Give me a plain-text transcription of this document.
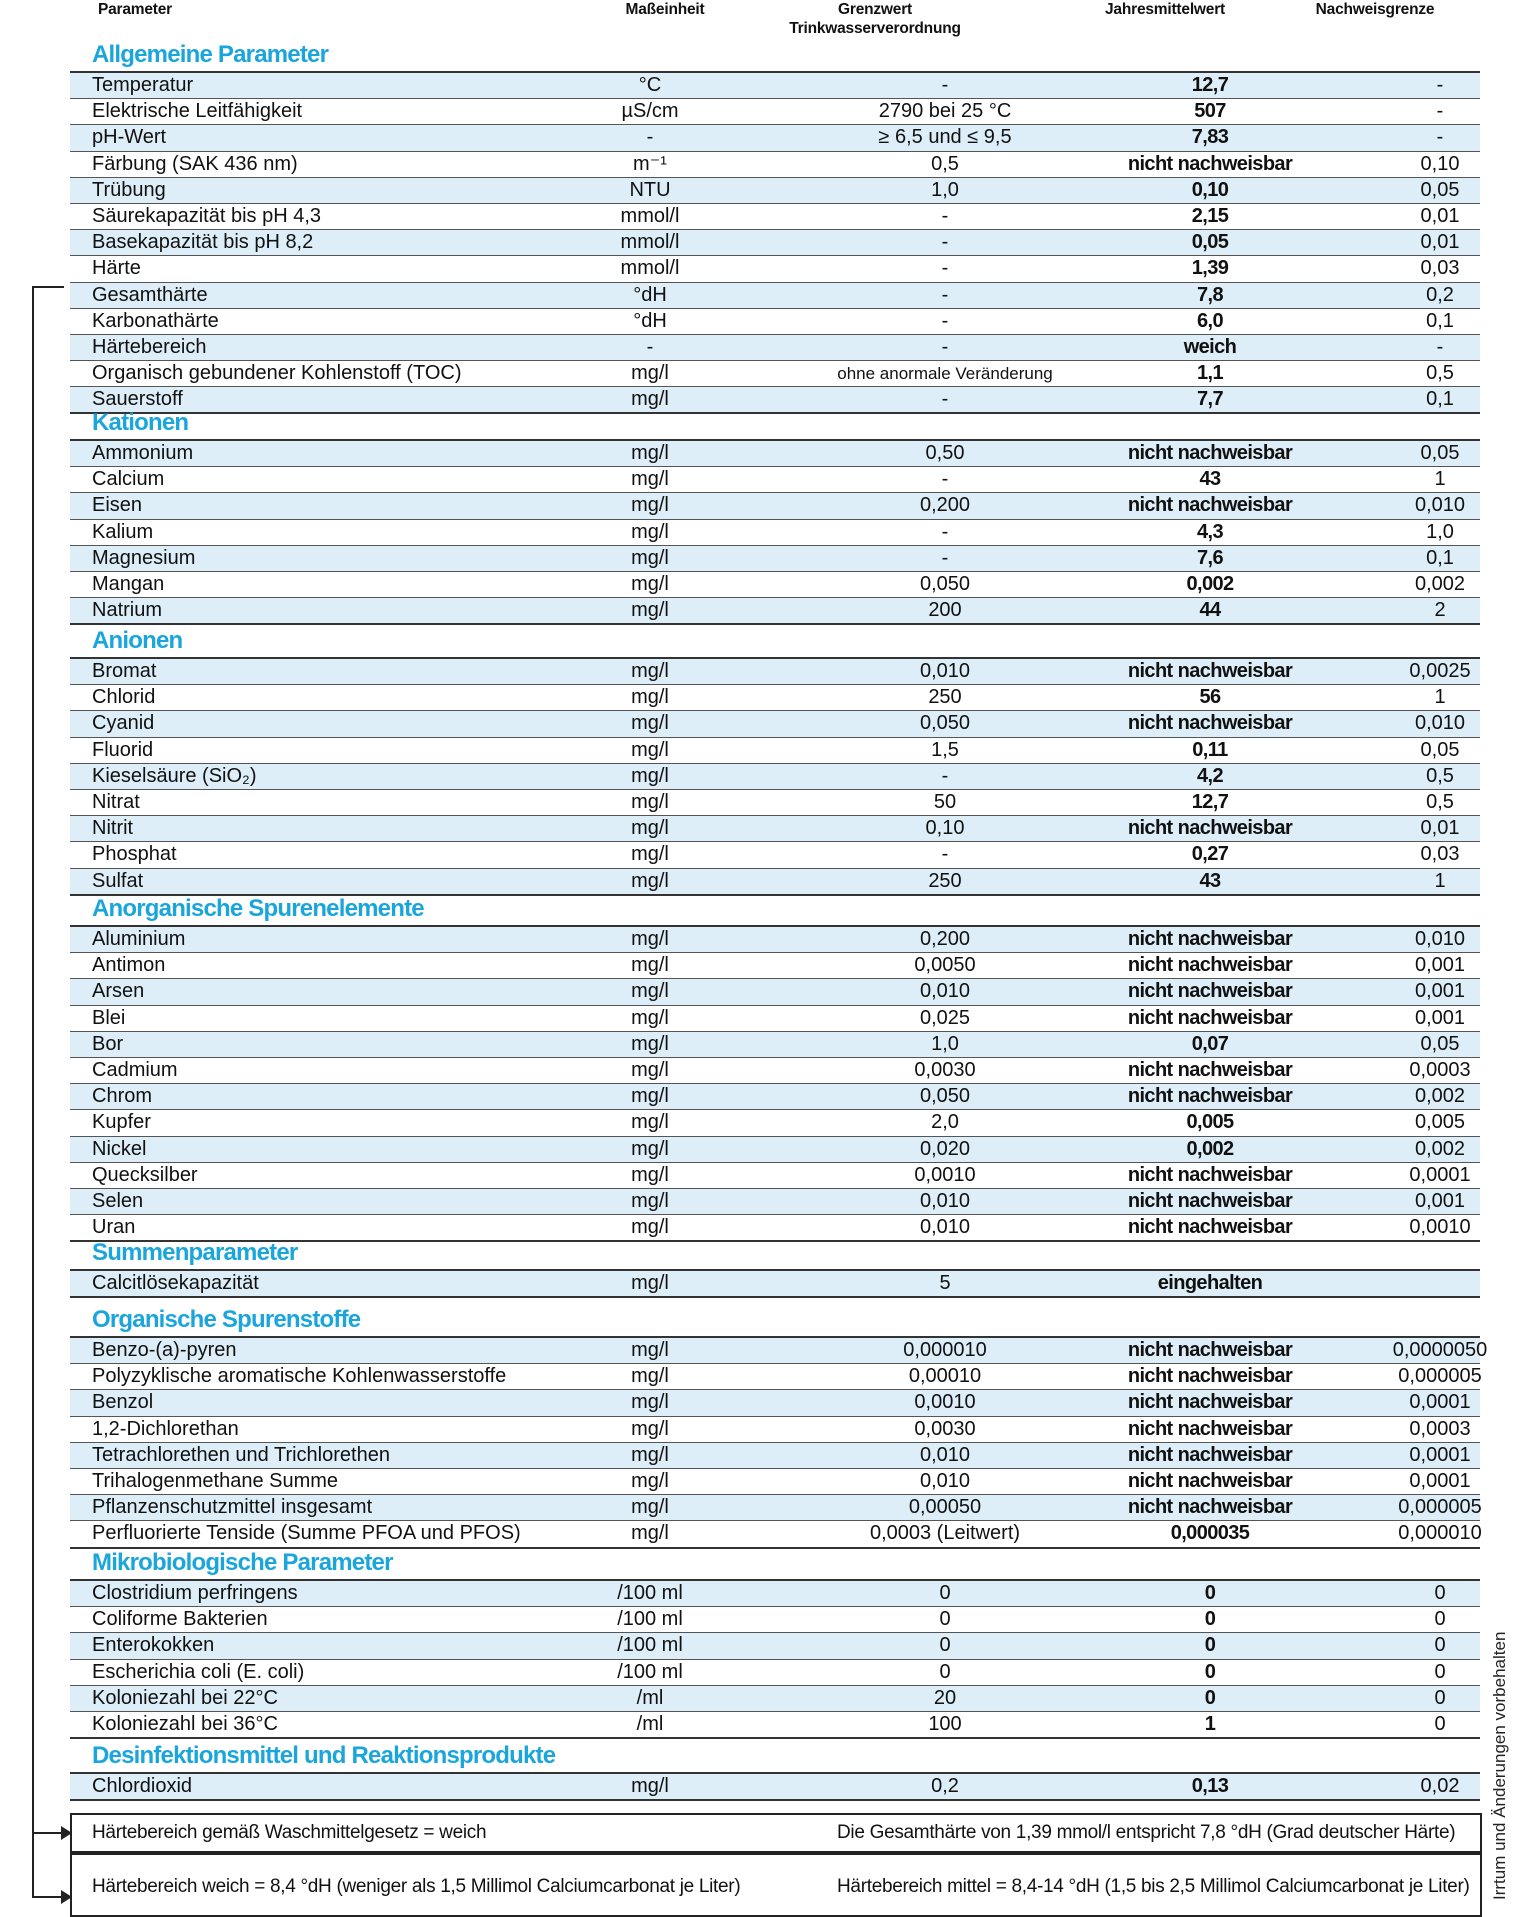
Parameter	Maßeinheit	Grenzwert
Trinkwasserverordnung
Jahresmittelwert	Nachweisgrenze
Allgemeine Parameter
Temperatur	°C	-	12,7	-
Elektrische Leitfähigkeit	µS/cm	2790 bei 25 °C	507	-
pH-Wert	-	≥ 6,5 und ≤ 9,5	7,83	-
Färbung (SAK 436 nm)	m⁻¹	0,5	nicht nachweisbar	0,10
Trübung	NTU	1,0	0,10	0,05
Säurekapazität bis pH 4,3	mmol/l	-	2,15	0,01
Basekapazität bis pH 8,2	mmol/l	-	0,05	0,01
Härte	mmol/l	-	1,39	0,03
Gesamthärte	°dH	-	7,8	0,2
Karbonathärte	°dH	-	6,0	0,1
Härtebereich	-	-	weich	-
Organisch gebundener Kohlenstoff (TOC)	mg/l	ohne anormale Veränderung	1,1	0,5
Sauerstoff	mg/l	-	7,7	0,1
Kationen
Ammonium	mg/l	0,50	nicht nachweisbar	0,05
Calcium	mg/l	-	43	1
Eisen	mg/l	0,200	nicht nachweisbar	0,010
Kalium	mg/l	-	4,3	1,0
Magnesium	mg/l	-	7,6	0,1
Mangan	mg/l	0,050	0,002	0,002
Natrium	mg/l	200	44	2
Anionen
Bromat	mg/l	0,010	nicht nachweisbar	0,0025
Chlorid	mg/l	250	56	1
Cyanid	mg/l	0,050	nicht nachweisbar	0,010
Fluorid	mg/l	1,5	0,11	0,05
Kieselsäure (SiO₂)	mg/l	-	4,2	0,5
Nitrat	mg/l	50	12,7	0,5
Nitrit	mg/l	0,10	nicht nachweisbar	0,01
Phosphat	mg/l	-	0,27	0,03
Sulfat	mg/l	250	43	1
Anorganische Spurenelemente
Aluminium	mg/l	0,200	nicht nachweisbar	0,010
Antimon	mg/l	0,0050	nicht nachweisbar	0,001
Arsen	mg/l	0,010	nicht nachweisbar	0,001
Blei	mg/l	0,025	nicht nachweisbar	0,001
Bor	mg/l	1,0	0,07	0,05
Cadmium	mg/l	0,0030	nicht nachweisbar	0,0003
Chrom	mg/l	0,050	nicht nachweisbar	0,002
Kupfer	mg/l	2,0	0,005	0,005
Nickel	mg/l	0,020	0,002	0,002
Quecksilber	mg/l	0,0010	nicht nachweisbar	0,0001
Selen	mg/l	0,010	nicht nachweisbar	0,001
Uran	mg/l	0,010	nicht nachweisbar	0,0010
Summenparameter
Calcitlösekapazität	mg/l	5	eingehalten
Organische Spurenstoffe
Benzo-(a)-pyren	mg/l	0,000010	nicht nachweisbar	0,0000050
Polyzyklische aromatische Kohlenwasserstoffe	mg/l	0,00010	nicht nachweisbar	0,000005
Benzol	mg/l	0,0010	nicht nachweisbar	0,0001
1,2-Dichlorethan	mg/l	0,0030	nicht nachweisbar	0,0003
Tetrachlorethen und Trichlorethen	mg/l	0,010	nicht nachweisbar	0,0001
Trihalogenmethane Summe	mg/l	0,010	nicht nachweisbar	0,0001
Pflanzenschutzmittel insgesamt	mg/l	0,00050	nicht nachweisbar	0,000005
Perfluorierte Tenside (Summe PFOA und PFOS)	mg/l	0,0003 (Leitwert)	0,000035	0,000010
Mikrobiologische Parameter
Clostridium perfringens	/100 ml	0	0	0
Coliforme Bakterien	/100 ml	0	0	0
Enterokokken	/100 ml	0	0	0
Escherichia coli (E. coli)	/100 ml	0	0	0
Koloniezahl bei 22°C	/ml	20	0	0
Koloniezahl bei 36°C	/ml	100	1	0
Desinfektionsmittel und Reaktionsprodukte
Chlordioxid	mg/l	0,2	0,13	0,02
Härtebereich gemäß Waschmittelgesetz = weich	Die Gesamthärte von 1,39 mmol/l entspricht 7,8 °dH (Grad deutscher Härte)
Härtebereich weich = 8,4 °dH (weniger als 1,5 Millimol Calciumcarbonat je Liter)	Härtebereich mittel = 8,4-14 °dH (1,5 bis 2,5 Millimol Calciumcarbonat je Liter) Irrtum und Änderungen vorbehalten
